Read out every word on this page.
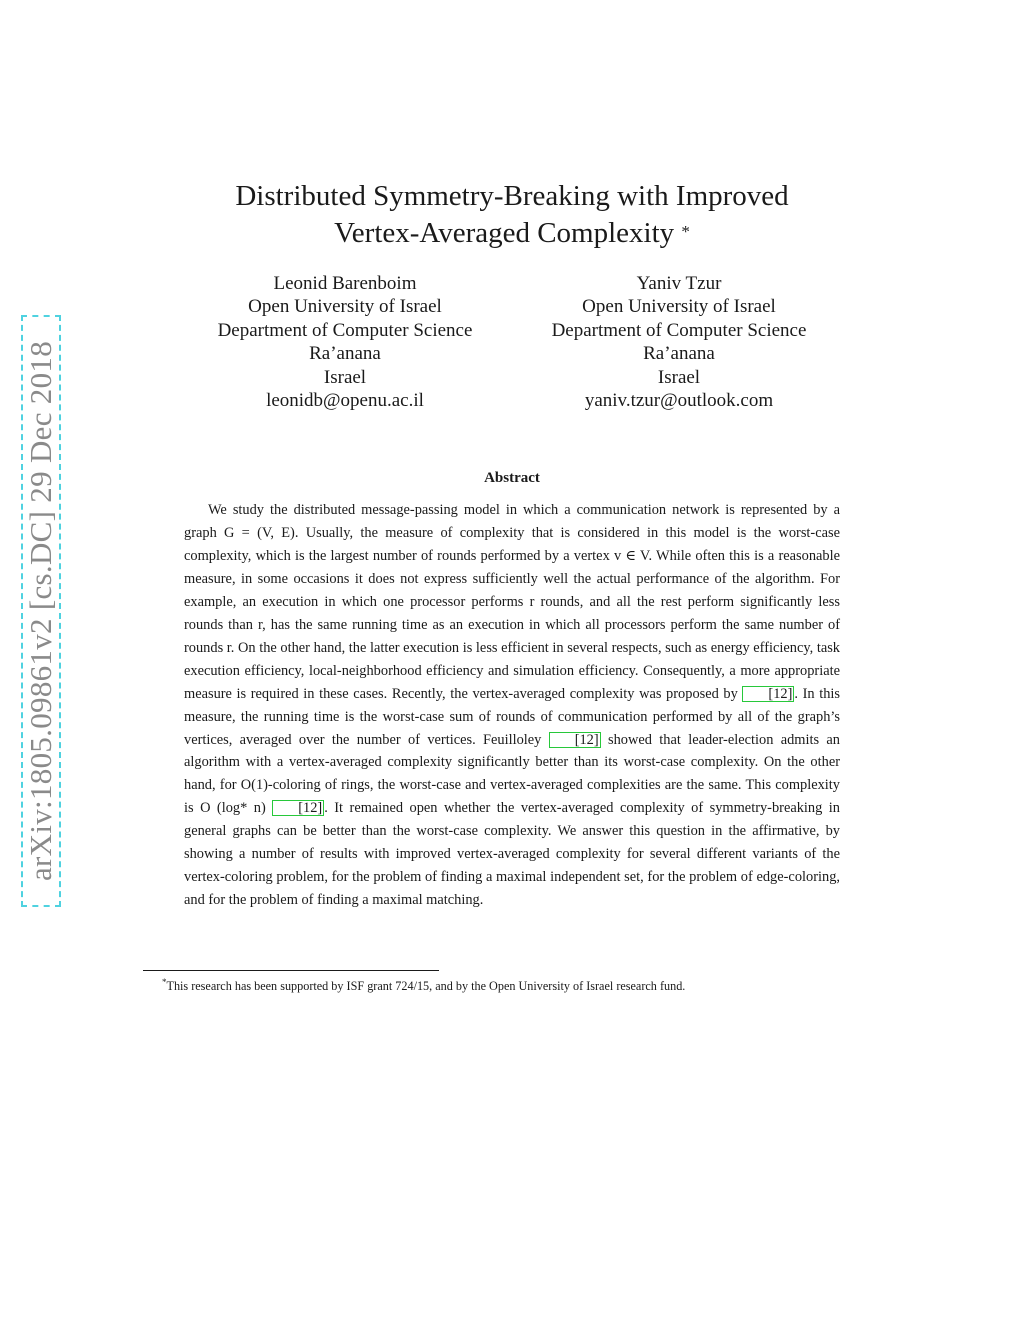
arXiv:1805.09861v2 [cs.DC] 29 Dec 2018
Distributed Symmetry-Breaking with Improved
Vertex-Averaged Complexity *
Leonid Barenboim
Open University of Israel
Department of Computer Science
Ra’anana
Israel
leonidb@openu.ac.il
Yaniv Tzur
Open University of Israel
Department of Computer Science
Ra’anana
Israel
yaniv.tzur@outlook.com
Abstract
We study the distributed message-passing model in which a communication network is represented by a graph G = (V, E). Usually, the measure of complexity that is considered in this model is the worst-case complexity, which is the largest number of rounds performed by a vertex v ∈ V. While often this is a reasonable measure, in some occasions it does not express sufficiently well the actual performance of the algorithm. For example, an execution in which one processor performs r rounds, and all the rest perform significantly less rounds than r, has the same running time as an execution in which all processors perform the same number of rounds r. On the other hand, the latter execution is less efficient in several respects, such as energy efficiency, task execution efficiency, local-neighborhood efficiency and simulation efficiency. Consequently, a more appropriate measure is required in these cases. Recently, the vertex-averaged complexity was proposed by [12] . In this measure, the running time is the worst-case sum of rounds of communication performed by all of the graph’s vertices, averaged over the number of vertices. Feuilloley [12] showed that leader-election admits an algorithm with a vertex-averaged complexity significantly better than its worst-case complexity. On the other hand, for O(1)-coloring of rings, the worst-case and vertex-averaged complexities are the same. This complexity is O (log* n) [12] . It remained open whether the vertex-averaged complexity of symmetry-breaking in general graphs can be better than the worst-case complexity. We answer this question in the affirmative, by showing a number of results with improved vertex-averaged complexity for several different variants of the vertex-coloring problem, for the problem of finding a maximal independent set, for the problem of edge-coloring, and for the problem of finding a maximal matching.
*This research has been supported by ISF grant 724/15, and by the Open University of Israel research fund.
